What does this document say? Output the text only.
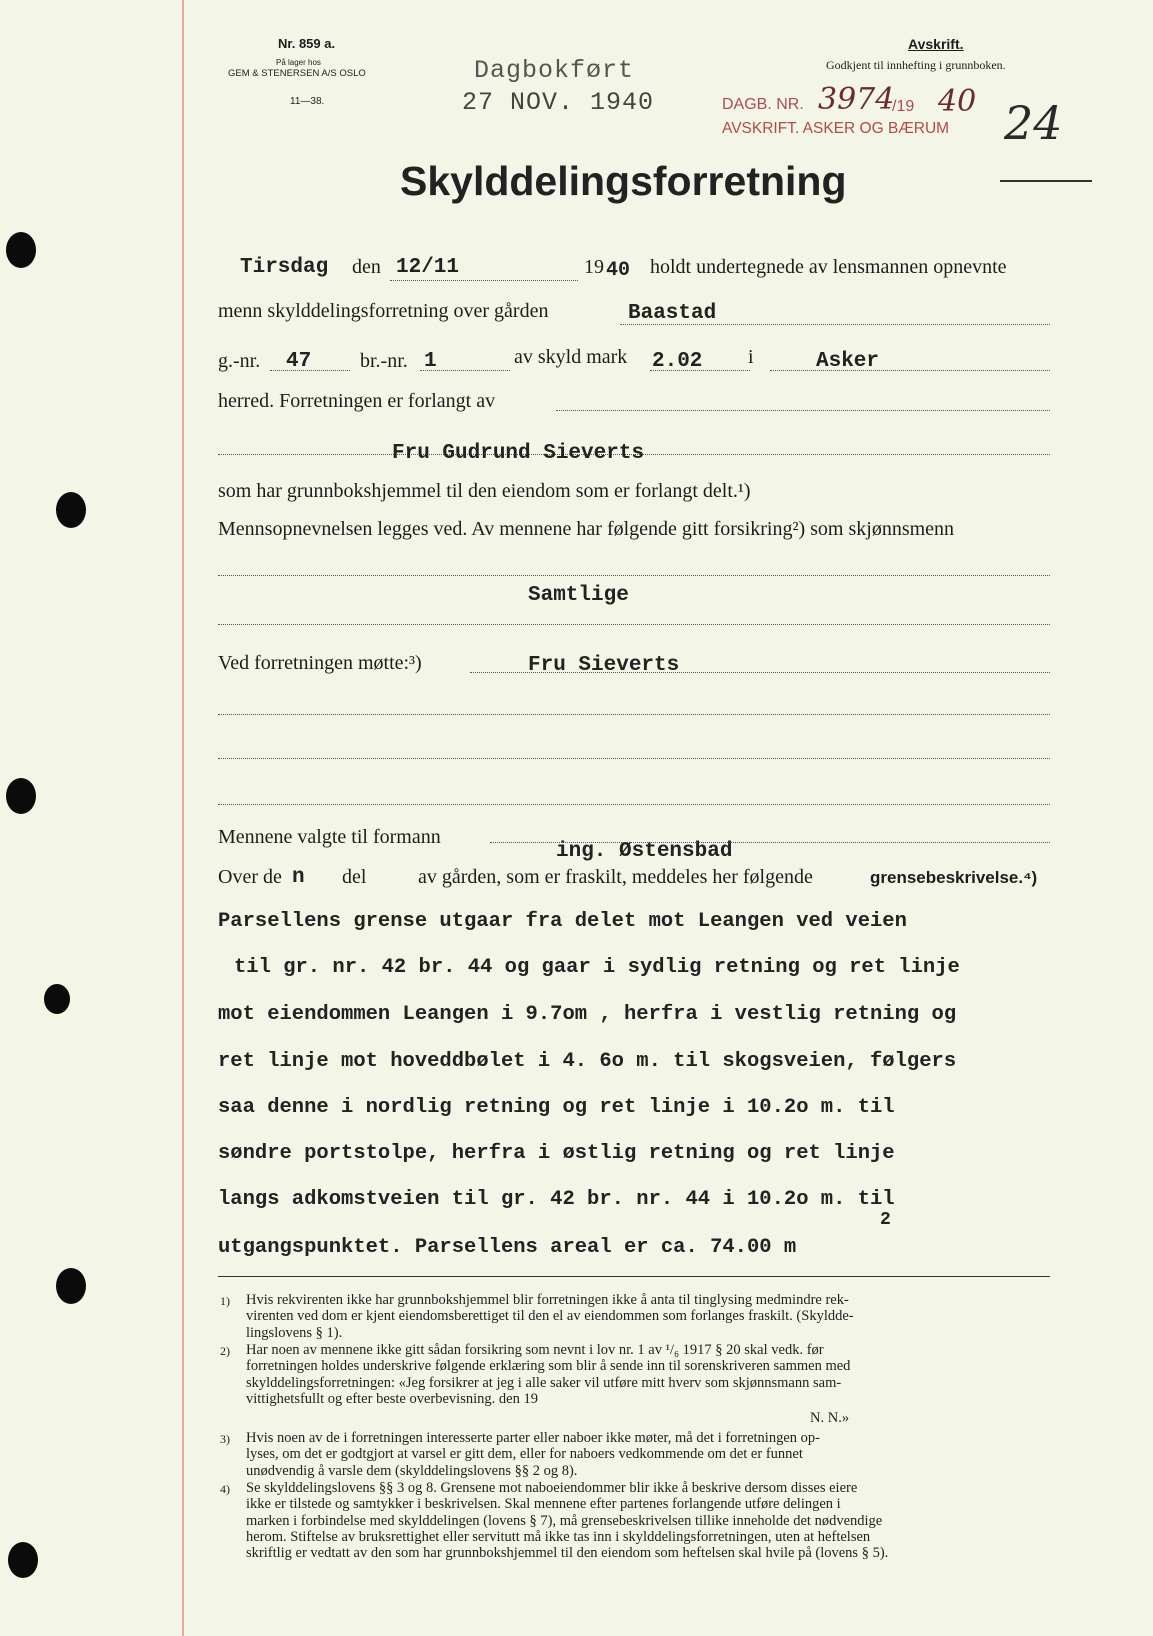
Nr. 859 a.
På lager hos
GEM & STENERSEN A/S OSLO
11—38.
Dagbokført
27 NOV. 1940	DAGB. NR. 3974
/19 40
AVSKRIFT. ASKER OG BÆRUM
Avskrift.
Godkjent til innhefting i grunnboken.
24
Skylddelingsforretning
Tirsdag den 12/11	19 40 holdt undertegnede av lensmannen opnevnte
menn skylddelingsforretning over gården	Baastad
g.-nr. 47 br.-nr. 1	av skyld mark 2.02 i	Asker
herred. Forretningen er forlangt av
Fru Gudrund Sieverts
som har grunnbokshjemmel til den eiendom som er forlangt delt.¹)
Mennsopnevnelsen legges ved. Av mennene har følgende gitt forsikring²) som skjønnsmenn
Samtlige
Ved forretningen møtte:³)	Fru Sieverts
Mennene valgte til formann
ing. Østensbad
Over de n del	av gården, som er fraskilt, meddeles her følgende	grensebeskrivelse.⁴)
Parsellens grense utgaar fra delet mot Leangen ved veien
til gr. nr. 42 br. 44 og gaar i sydlig retning og ret linje
mot eiendommen Leangen i 9.7om , herfra i vestlig retning og
ret linje mot hoveddbølet i 4. 6o m. til skogsveien, følgers
saa denne i nordlig retning og ret linje i 10.2o m. til
søndre portstolpe, herfra i østlig retning og ret linje
langs adkomstveien til gr. 42 br. nr. 44 i 10.2o m. til
utgangspunktet. Parsellens areal er ca. 74.00 m
2
1) Hvis rekvirenten ikke har grunnbokshjemmel blir forretningen ikke å anta til tinglysing medmindre rek-
virenten ved dom er kjent eiendomsberettiget til den el av eiendommen som forlanges fraskilt. (Skyldde-
lingslovens § 1).
2) Har noen av mennene ikke gitt sådan forsikring som nevnt i lov nr. 1 av ¹/₆ 1917 § 20 skal vedk. før
forretningen holdes underskrive følgende erklæring som blir å sende inn til sorenskriveren sammen med
skylddelingsforretningen: «Jeg forsikrer at jeg i alle saker vil utføre mitt hverv som skjønnsmann sam-
vittighetsfullt og efter beste overbevisning. den 19
N. N.»
3) Hvis noen av de i forretningen interesserte parter eller naboer ikke møter, må det i forretningen op-
lyses, om det er godtgjort at varsel er gitt dem, eller for naboers vedkommende om det er funnet
unødvendig å varsle dem (skylddelingslovens §§ 2 og 8).
4) Se skylddelingslovens §§ 3 og 8. Grensene mot naboeiendommer blir ikke å beskrive dersom disses eiere
ikke er tilstede og samtykker i beskrivelsen. Skal mennene efter partenes forlangende utføre delingen i
marken i forbindelse med skylddelingen (lovens § 7), må grensebeskrivelsen tillike inneholde det nødvendige
herom. Stiftelse av bruksrettighet eller servitutt må ikke tas inn i skylddelingsforretningen, uten at heftelsen
skriftlig er vedtatt av den som har grunnbokshjemmel til den eiendom som heftelsen skal hvile på (lovens § 5).
